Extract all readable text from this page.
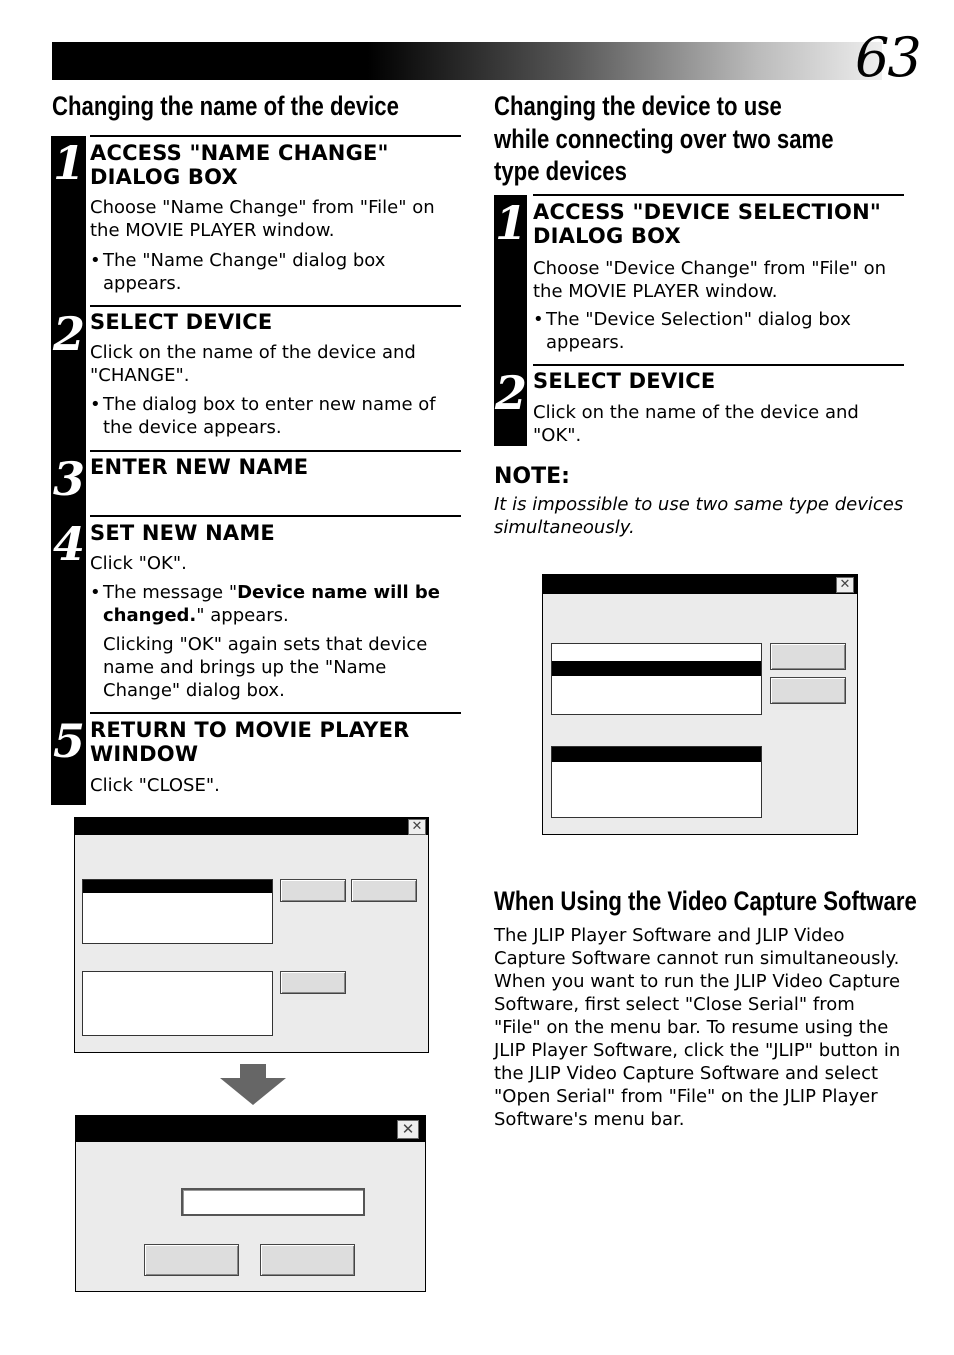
63
Changing the name of the device
1 ACCESS "NAME CHANGE" DIALOG BOX
Choose "Name Change" from "File" on the MOVIE PLAYER window.
• The "Name Change" dialog box appears.
2 SELECT DEVICE
Click on the name of the device and "CHANGE".
• The dialog box to enter new name of the device appears.
3 ENTER NEW NAME
4 SET NEW NAME
Click "OK".
• The message "Device name will be changed." appears.
Clicking "OK" again sets that device name and brings up the "Name Change" dialog box.
5 RETURN TO MOVIE PLAYER WINDOW
Click "CLOSE".
✕
✕
Changing the device to use while connecting over two same type devices
1 ACCESS "DEVICE SELECTION" DIALOG BOX
Choose "Device Change" from "File" on the MOVIE PLAYER window.
• The "Device Selection" dialog box appears.
2 SELECT DEVICE
Click on the name of the device and "OK".
NOTE:
It is impossible to use two same type devices simultaneously.
✕
When Using the Video Capture Software
The JLIP Player Software and JLIP Video Capture Software cannot run simultaneously. When you want to run the JLIP Video Capture Software, first select "Close Serial" from "File" on the menu bar. To resume using the JLIP Player Software, click the "JLIP" button in the JLIP Video Capture Software and select "Open Serial" from "File" on the JLIP Player Software's menu bar.
